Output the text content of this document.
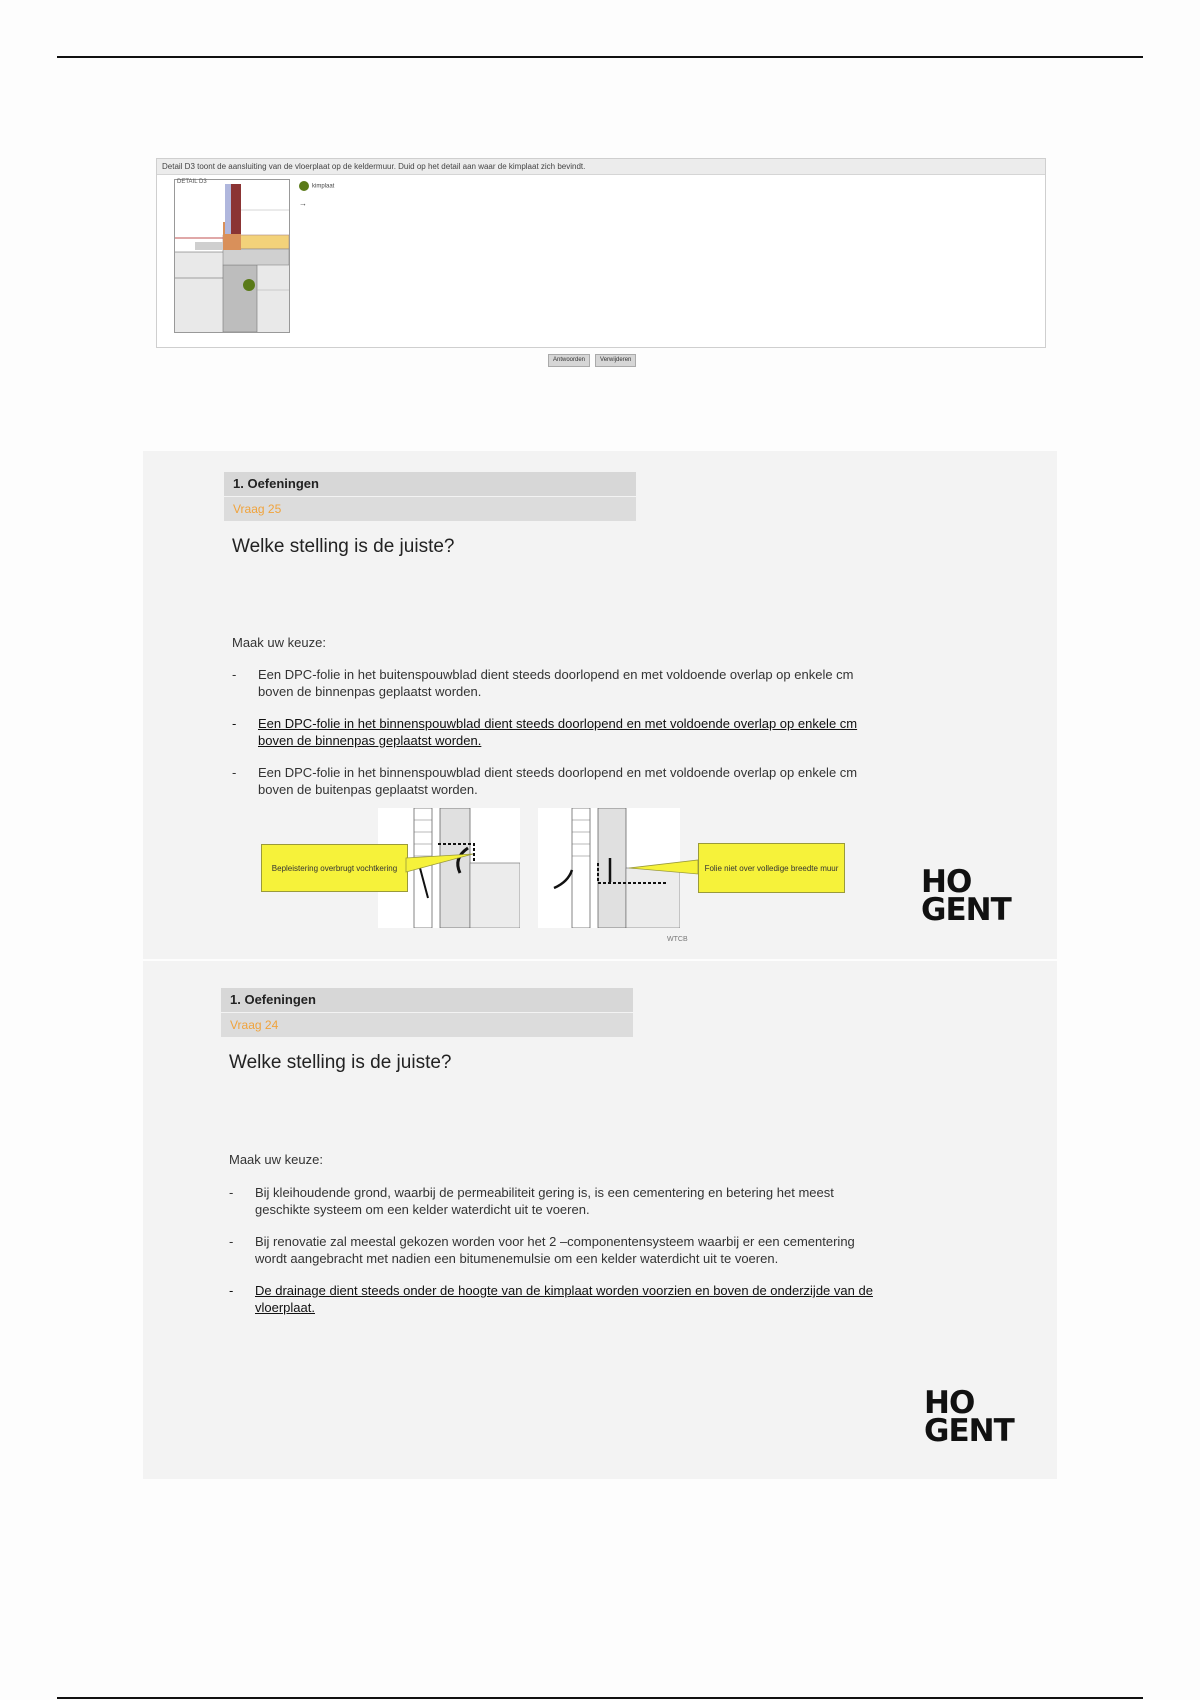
Detail D3 toont de aansluiting van de vloerplaat op de keldermuur. Duid op het detail aan waar de kimplaat zich bevindt.
DETAIL D3
kimplaat
→
Antwoorden	Verwijderen
1. Oefeningen
Vraag 25
Welke stelling is de juiste?
Maak uw keuze:
- Een DPC-folie in het buitenspouwblad dient steeds doorlopend en met voldoende overlap op enkele cm boven de binnenpas geplaatst worden.
- Een DPC-folie in het binnenspouwblad dient steeds doorlopend en met voldoende overlap op enkele cm boven de binnenpas geplaatst worden.
- Een DPC-folie in het binnenspouwblad dient steeds doorlopend en met voldoende overlap op enkele cm boven de buitenpas geplaatst worden.
Bepleistering overbrugt vochtkering	Folie niet over volledige breedte muur
WTCB
HO
GENT
1. Oefeningen
Vraag 24
Welke stelling is de juiste?
Maak uw keuze:
- Bij kleihoudende grond, waarbij de permeabiliteit gering is, is een cementering en betering het meest geschikte systeem om een kelder waterdicht uit te voeren.
- Bij renovatie zal meestal gekozen worden voor het 2 –componentensysteem waarbij er een cementering wordt aangebracht met nadien een bitumenemulsie om een kelder waterdicht uit te voeren.
- De drainage dient steeds onder de hoogte van de kimplaat worden voorzien en boven de onderzijde van de vloerplaat.
HO
GENT
